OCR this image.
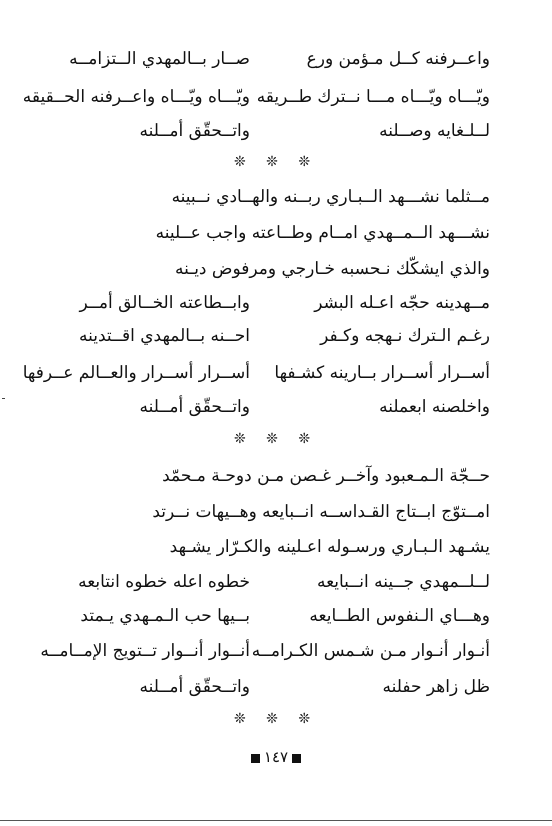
واعــرفنه كــل مـؤمن ورع
صــار بــالمهدي الــتزامــه
ويّـــاه ويّـــاه مـــا نــترك طــريقه
ويّـــاه ويّـــاه واعــرفنه الحــقيقه
لــلـغايه وصــلنه
واتــحقّق أمــلنه
❊ ❊ ❊
مــثلما نشـــهد الــبـاري ربــنه والهــادي نــبينه
نشـــهد الــمــهدي امــام وطــاعته واجب عــلينه
والذي ايشكّك نـحسبه خـارجي ومرفوض ديـنه
مــهدينه حجّه اعـله البشر
وابــطاعته الخــالق أمــر
رغـم الـترك نـهجه وكـفر
احــنه بــالمهدي اقــتدينه
أســرار أســرار بــارينه كشـفها
أســرار أســرار والعــالم عــرفها
واخلصنه ابعملنه
واتــحقّق أمــلنه
❊ ❊ ❊
حــجّة الـمـعبود وآخــر غـصن مـن دوحـة مـحمّد
امــتوّج ابــتاج القـداســه انــبايعه وهــيهات نــرتد
يشـهد الـبـاري ورسـوله اعـلينه والكـرّار يشـهد
لــلــمهدي جــينه انــبايعه
خطوه اعله خطوه انتابعه
وهـــاي الـنفوس الطــايعه
بــيها حب الـمـهدي يـمتد
أنـوار أنـوار مـن شـمس الكـرامــه
أنــوار أنــوار تــتويج الإمــامــه
ظل زاهر حفلنه
واتــحقّق أمــلنه
❊ ❊ ❊
١٤٧
